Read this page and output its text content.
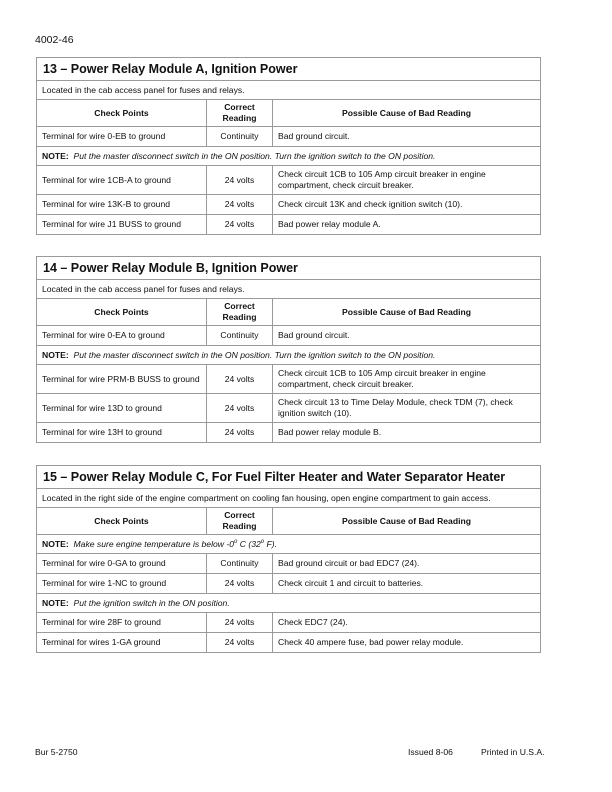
4002-46
13 – Power Relay Module A, Ignition Power		
Located in the cab access panel for fuses and relays.		
Check Points	Correct Reading	Possible Cause of Bad Reading
Terminal for wire 0-EB to ground	Continuity	Bad ground circuit.
NOTE: Put the master disconnect switch in the ON position. Turn the ignition switch to the ON position.		
Terminal for wire 1CB-A to ground	24 volts	Check circuit 1CB to 105 Amp circuit breaker in engine compartment, check circuit breaker.
Terminal for wire 13K-B to ground	24 volts	Check circuit 13K and check ignition switch (10).
Terminal for wire J1 BUSS to ground	24 volts	Bad power relay module A.
14 – Power Relay Module B, Ignition Power		
Located in the cab access panel for fuses and relays.		
Check Points	Correct Reading	Possible Cause of Bad Reading
Terminal for wire 0-EA to ground	Continuity	Bad ground circuit.
NOTE: Put the master disconnect switch in the ON position. Turn the ignition switch to the ON position.		
Terminal for wire PRM-B BUSS to ground	24 volts	Check circuit 1CB to 105 Amp circuit breaker in engine compartment, check circuit breaker.
Terminal for wire 13D to ground	24 volts	Check circuit 13 to Time Delay Module, check TDM (7), check ignition switch (10).
Terminal for wire 13H to ground	24 volts	Bad power relay module B.
15 – Power Relay Module C, For Fuel Filter Heater and Water Separator Heater		
Located in the right side of the engine compartment on cooling fan housing, open engine compartment to gain access.		
Check Points	Correct Reading	Possible Cause of Bad Reading
NOTE: Make sure engine temperature is below -0$^o$ C (32$^o$ F).		
Terminal for wire 0-GA to ground	Continuity	Bad ground circuit or bad EDC7 (24).
Terminal for wire 1-NC to ground	24 volts	Check circuit 1 and circuit to batteries.
NOTE: Put the ignition switch in the ON position.		
Terminal for wire 28F to ground	24 volts	Check EDC7 (24).
Terminal for wires 1-GA ground	24 volts	Check 40 ampere fuse, bad power relay module.
Bur 5-2750	Issued 8-06	Printed in U.S.A.
